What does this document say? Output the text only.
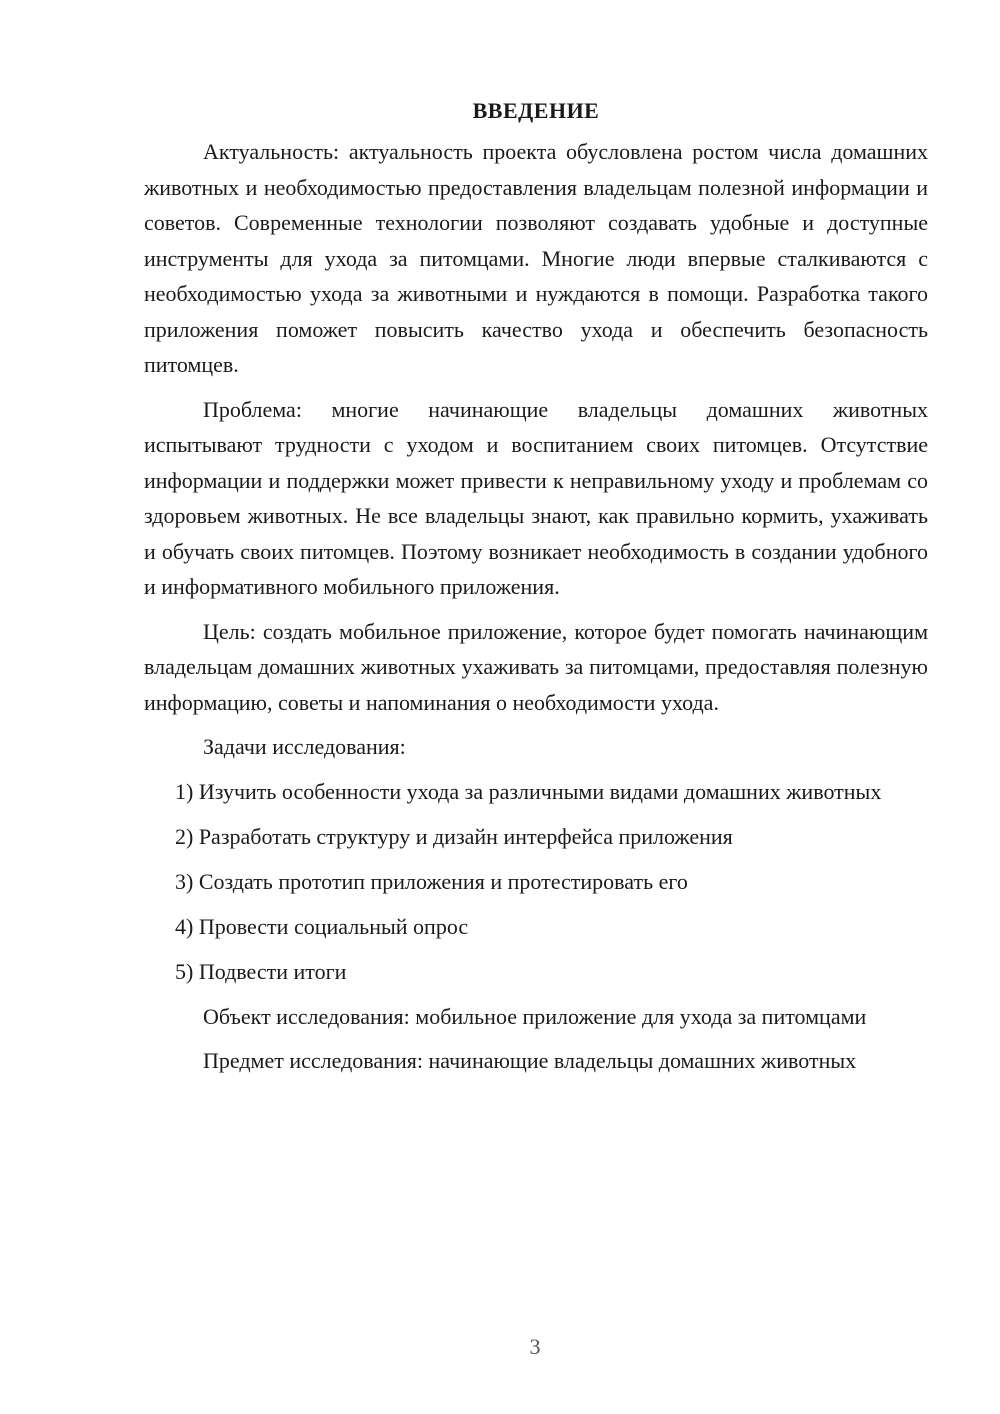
ВВЕДЕНИЕ

Актуальность: актуальность проекта обусловлена ростом числа домашних животных и необходимостью предоставления владельцам полезной информации и советов. Современные технологии позволяют создавать удобные и доступные инструменты для ухода за питомцами. Многие люди впервые сталкиваются с необходимостью ухода за животными и нуждаются в помощи. Разработка такого приложения поможет повысить качество ухода и обеспечить безопасность питомцев.

Проблема: многие начинающие владельцы домашних животных испытывают трудности с уходом и воспитанием своих питомцев. Отсутствие информации и поддержки может привести к неправильному уходу и проблемам со здоровьем животных. Не все владельцы знают, как правильно кормить, ухаживать и обучать своих питомцев. Поэтому возникает необходимость в создании удобного и информативного мобильного приложения.

Цель: создать мобильное приложение, которое будет помогать начинающим владельцам домашних животных ухаживать за питомцами, предоставляя полезную информацию, советы и напоминания о необходимости ухода.

Задачи исследования:

1) Изучить особенности ухода за различными видами домашних животных

2) Разработать структуру и дизайн интерфейса приложения

3) Создать прототип приложения и протестировать его

4) Провести социальный опрос

5) Подвести итоги

Объект исследования: мобильное приложение для ухода за питомцами

Предмет исследования: начинающие владельцы домашних животных

3
